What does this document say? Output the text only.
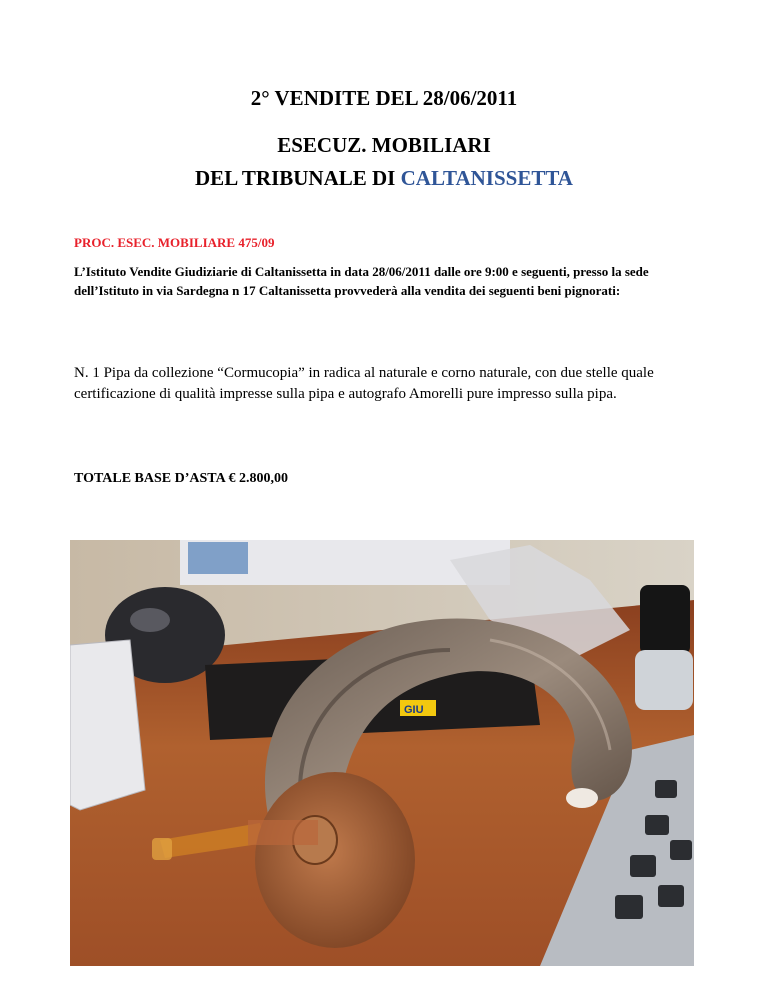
2° VENDITE DEL 28/06/2011
ESECUZ. MOBILIARI
DEL TRIBUNALE DI CALTANISSETTA
PROC. ESEC. MOBILIARE 475/09
L’Istituto Vendite Giudiziarie di Caltanissetta in data 28/06/2011 dalle ore 9:00 e seguenti, presso la sede dell’Istituto in via Sardegna n 17 Caltanissetta provvederà alla vendita dei seguenti beni pignorati:
N. 1 Pipa da collezione “Cormucopia” in radica al naturale e corno naturale, con due stelle quale certificazione di qualità impresse sulla pipa e autografo Amorelli pure impresso sulla pipa.
TOTALE BASE D’ASTA € 2.800,00
GIU
